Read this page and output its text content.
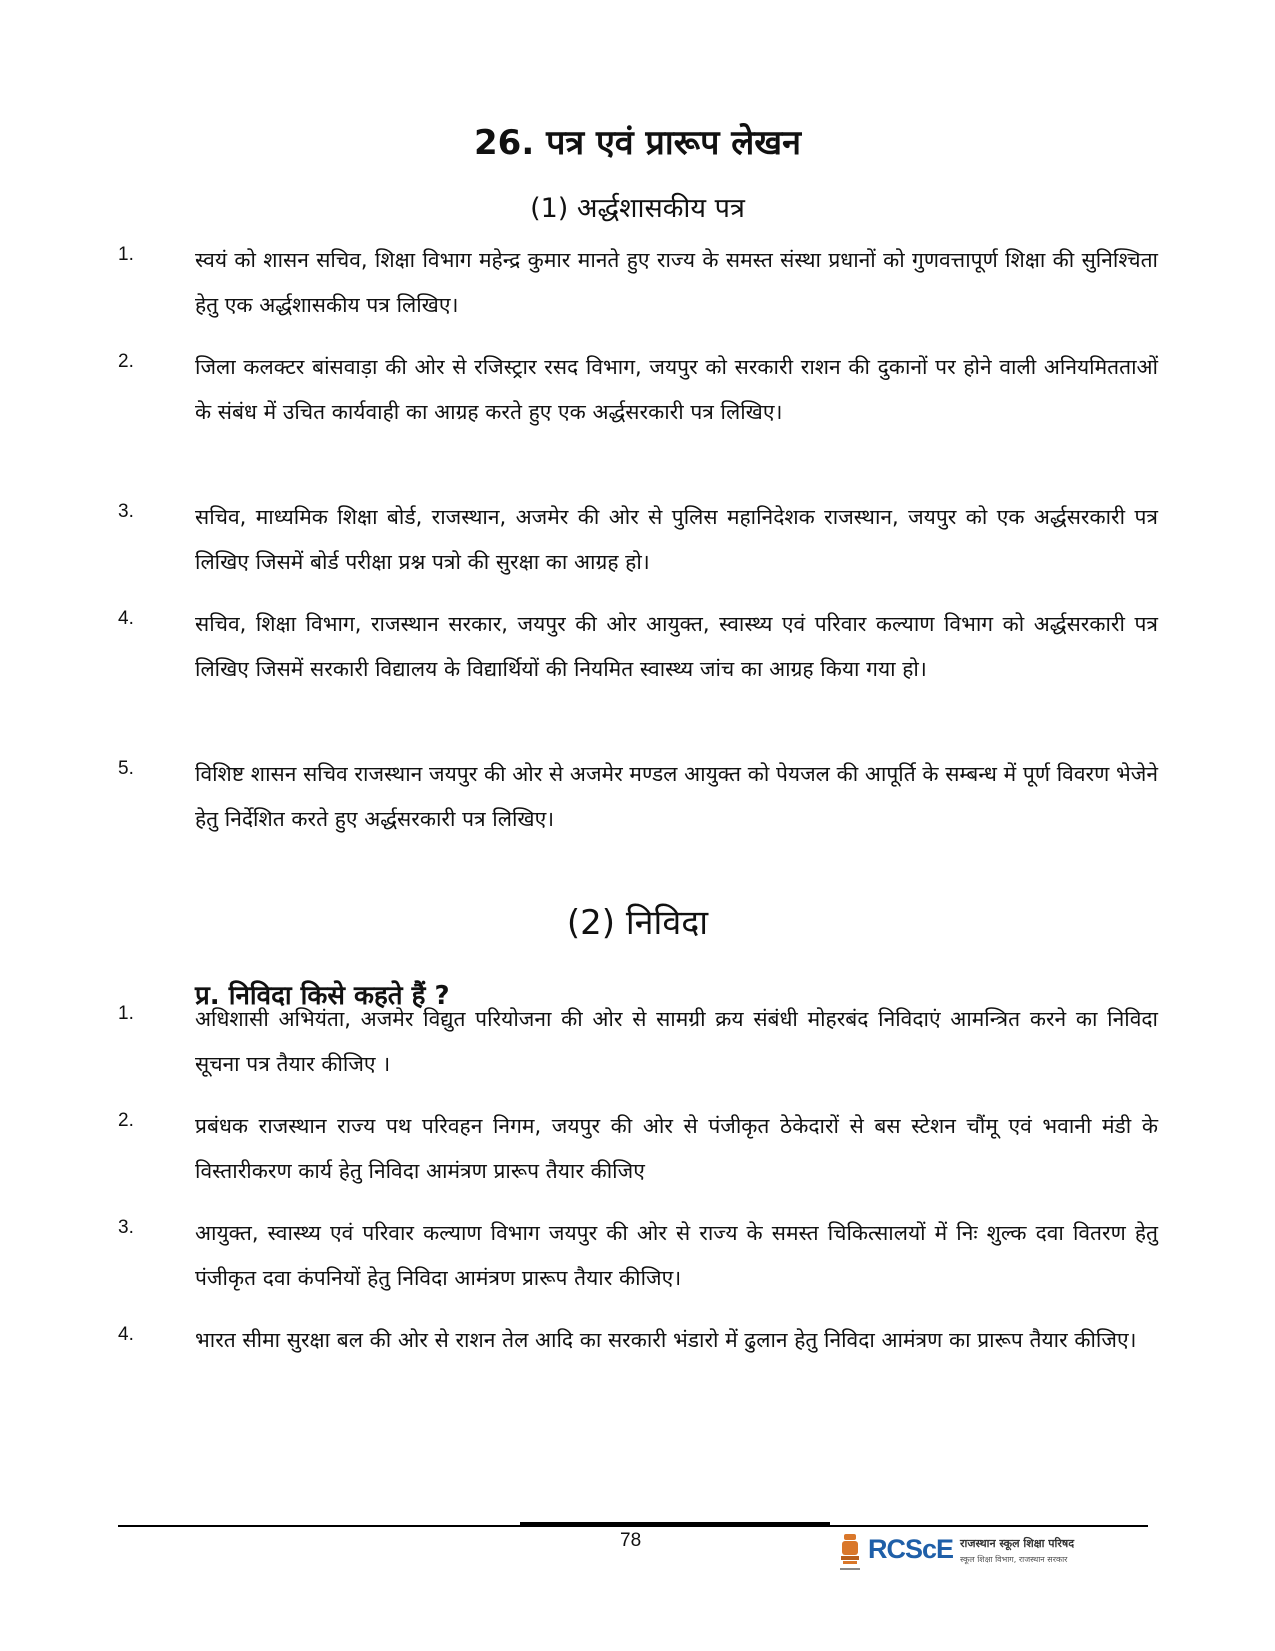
26. पत्र एवं प्रारूप लेखन
(1) अर्द्धशासकीय पत्र
1.	स्वयं को शासन सचिव, शिक्षा विभाग महेन्द्र कुमार मानते हुए राज्य के समस्त संस्था प्रधानों को गुणवत्तापूर्ण शिक्षा की सुनिश्चिता हेतु एक अर्द्धशासकीय पत्र लिखिए।
2.	जिला कलक्टर बांसवाड़ा की ओर से रजिस्ट्रार रसद विभाग, जयपुर को सरकारी राशन की दुकानों पर होने वाली अनियमितताओं के संबंध में उचित कार्यवाही का आग्रह करते हुए एक अर्द्धसरकारी पत्र लिखिए।
3.	सचिव, माध्यमिक शिक्षा बोर्ड, राजस्थान, अजमेर की ओर से पुलिस महानिदेशक राजस्थान, जयपुर को एक अर्द्धसरकारी पत्र लिखिए जिसमें बोर्ड परीक्षा प्रश्न पत्रो की सुरक्षा का आग्रह हो।
4.	सचिव, शिक्षा विभाग, राजस्थान सरकार, जयपुर की ओर आयुक्त, स्वास्थ्य एवं परिवार कल्याण विभाग को अर्द्धसरकारी पत्र लिखिए जिसमें सरकारी विद्यालय के विद्यार्थियों की नियमित स्वास्थ्य जांच का आग्रह किया गया हो।
5.	विशिष्ट शासन सचिव राजस्थान जयपुर की ओर से अजमेर मण्डल आयुक्त को पेयजल की आपूर्ति के सम्बन्ध में पूर्ण विवरण भेजेने हेतु निर्देशित करते हुए अर्द्धसरकारी पत्र लिखिए।
(2) निविदा
प्र. निविदा किसे कहते हैं ?
1.	अधिशासी अभियंता, अजमेर विद्युत परियोजना की ओर से सामग्री क्रय संबंधी मोहरबंद निविदाएं आमन्त्रित करने का निविदा सूचना पत्र तैयार कीजिए ।
2.	प्रबंधक राजस्थान राज्य पथ परिवहन निगम, जयपुर की ओर से पंजीकृत ठेकेदारों से बस स्टेशन चौंमू एवं भवानी मंडी के विस्तारीकरण कार्य हेतु निविदा आमंत्रण प्रारूप तैयार कीजिए
3.	आयुक्त, स्वास्थ्य एवं परिवार कल्याण विभाग जयपुर की ओर से राज्य के समस्त चिकित्सालयों में निः शुल्क दवा वितरण हेतु पंजीकृत दवा कंपनियों हेतु निविदा आमंत्रण प्रारूप तैयार कीजिए।
4.	भारत सीमा सुरक्षा बल की ओर से राशन तेल आदि का सरकारी भंडारो में ढुलान हेतु निविदा आमंत्रण का प्रारूप तैयार कीजिए।
78	RCScE राजस्थान स्कूल शिक्षा परिषद
स्कूल शिक्षा विभाग, राजस्थान सरकार
